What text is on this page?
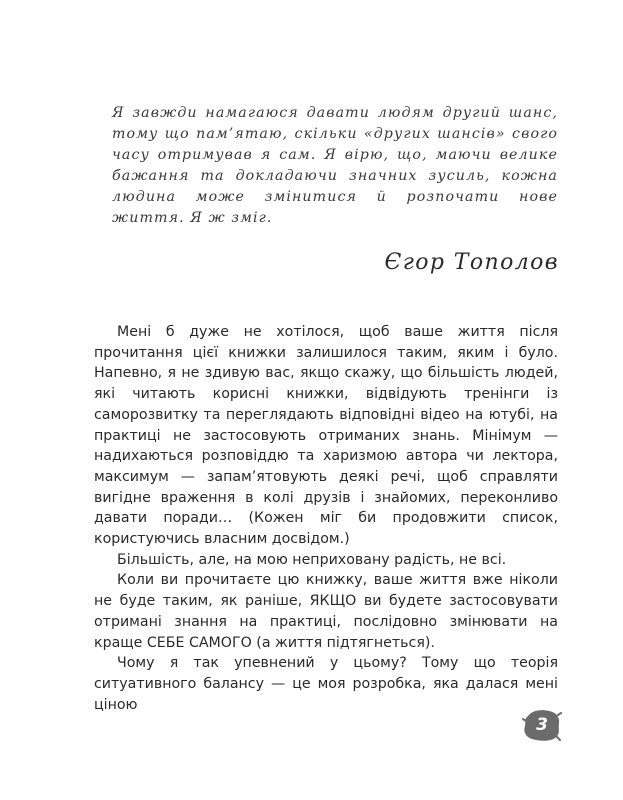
Я завжди намагаюся давати людям другий шанс, тому що пам’ятаю, скільки «других шансів» свого часу отримував я сам. Я вірю, що, маючи велике бажання та докладаючи значних зусиль, кожна людина може змінитися й розпочати нове життя. Я ж зміг.

Єгор Тополов

Мені б дуже не хотілося, щоб ваше життя після прочитання цієї книжки залишилося таким, яким і було. Напевно, я не здивую вас, якщо скажу, що більшість людей, які читають корисні книжки, відвідують тренінги із саморозвитку та переглядають відповідні відео на ютубі, на практиці не застосовують отриманих знань. Мінімум — надихаються розповіддю та харизмою автора чи лектора, максимум — запам’ятовують деякі речі, щоб справляти вигідне враження в колі друзів і знайомих, переконливо давати поради… (Кожен міг би продовжити список, користуючись власним досвідом.)

Більшість, але, на мою неприховану радість, не всі.

Коли ви прочитаєте цю книжку, ваше життя вже ніколи не буде таким, як раніше, ЯКЩО ви будете застосовувати отримані знання на практиці, послідовно змінювати на краще СЕБЕ САМОГО (а життя підтягнеться).

Чому я так упевнений у цьому? Тому що теорія ситуативного балансу — це моя розробка, яка далася мені ціною

3
